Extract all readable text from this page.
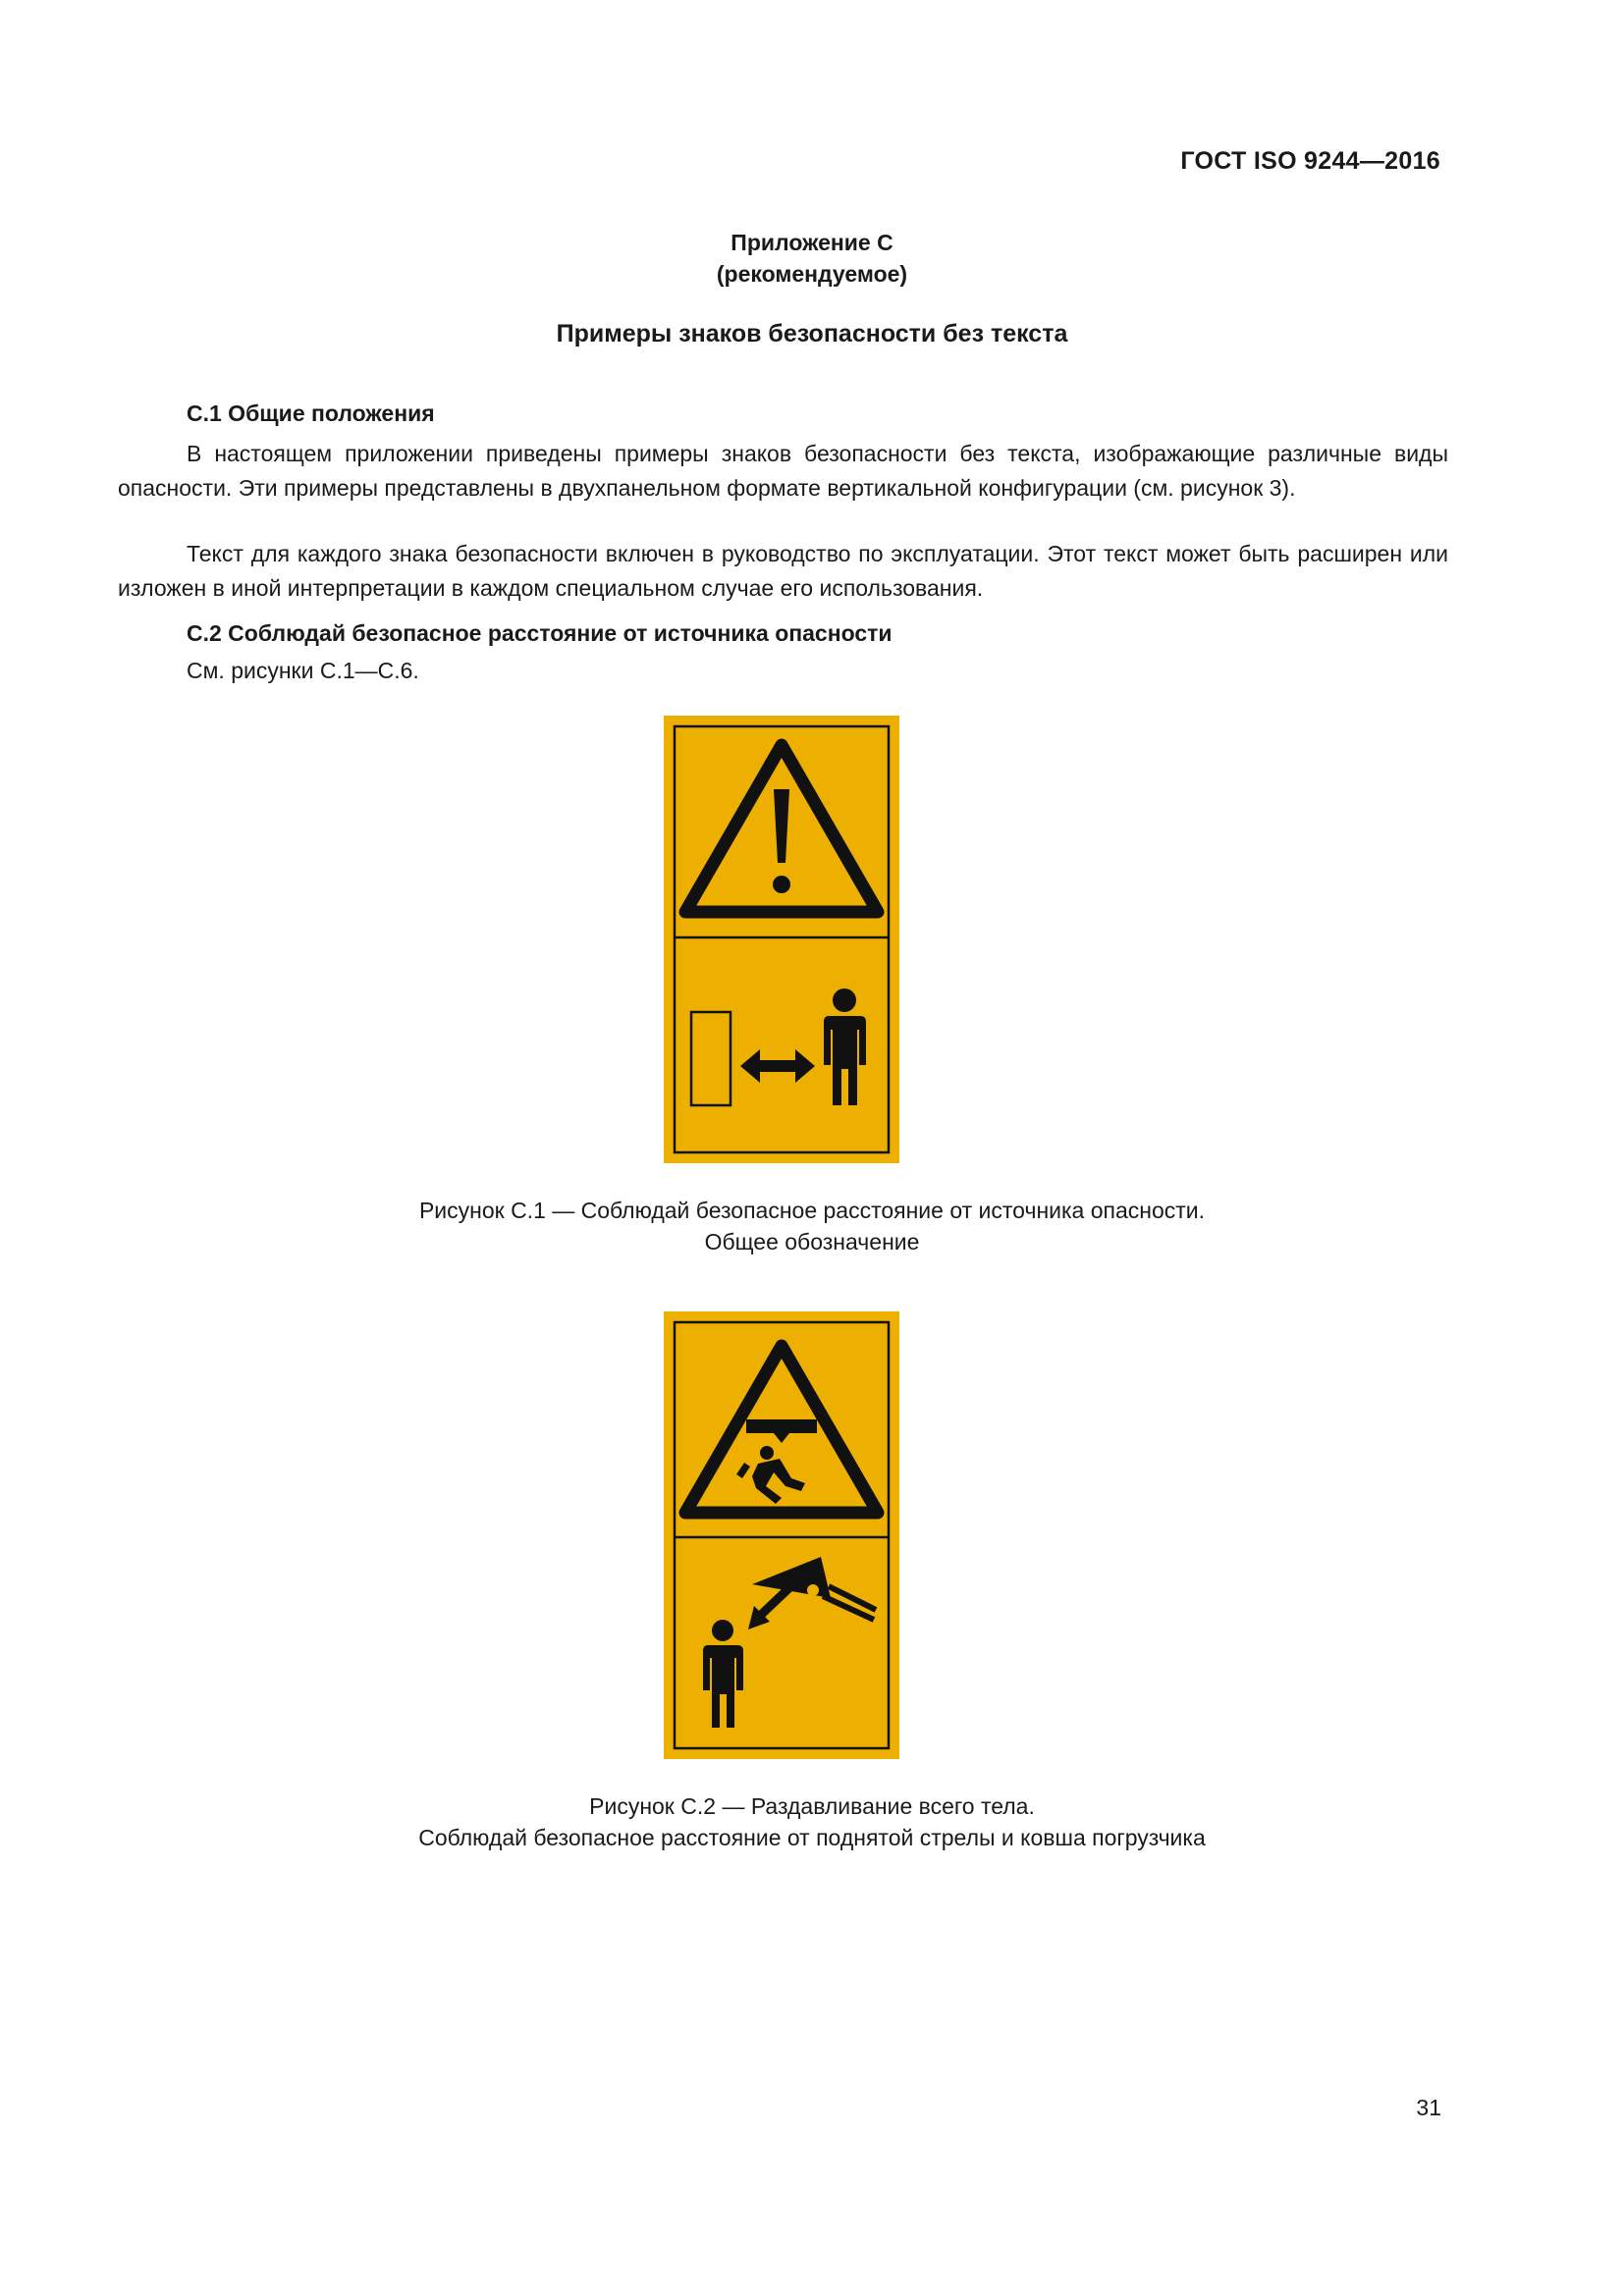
ГОСТ ISO 9244—2016
Приложение С
(рекомендуемое)
Примеры знаков безопасности без текста
С.1 Общие положения
В настоящем приложении приведены примеры знаков безопасности без текста, изображающие различные виды опасности. Эти примеры представлены в двухпанельном формате вертикальной конфигурации (см. рисунок 3).
Текст для каждого знака безопасности включен в руководство по эксплуатации. Этот текст может быть расширен или изложен в иной интерпретации в каждом специальном случае его использования.
С.2 Соблюдай безопасное расстояние от источника опасности
См. рисунки С.1—С.6.
Рисунок С.1 — Соблюдай безопасное расстояние от источника опасности.
Общее обозначение
Рисунок С.2 — Раздавливание всего тела.
Соблюдай безопасное расстояние от поднятой стрелы и ковша погрузчика
31
